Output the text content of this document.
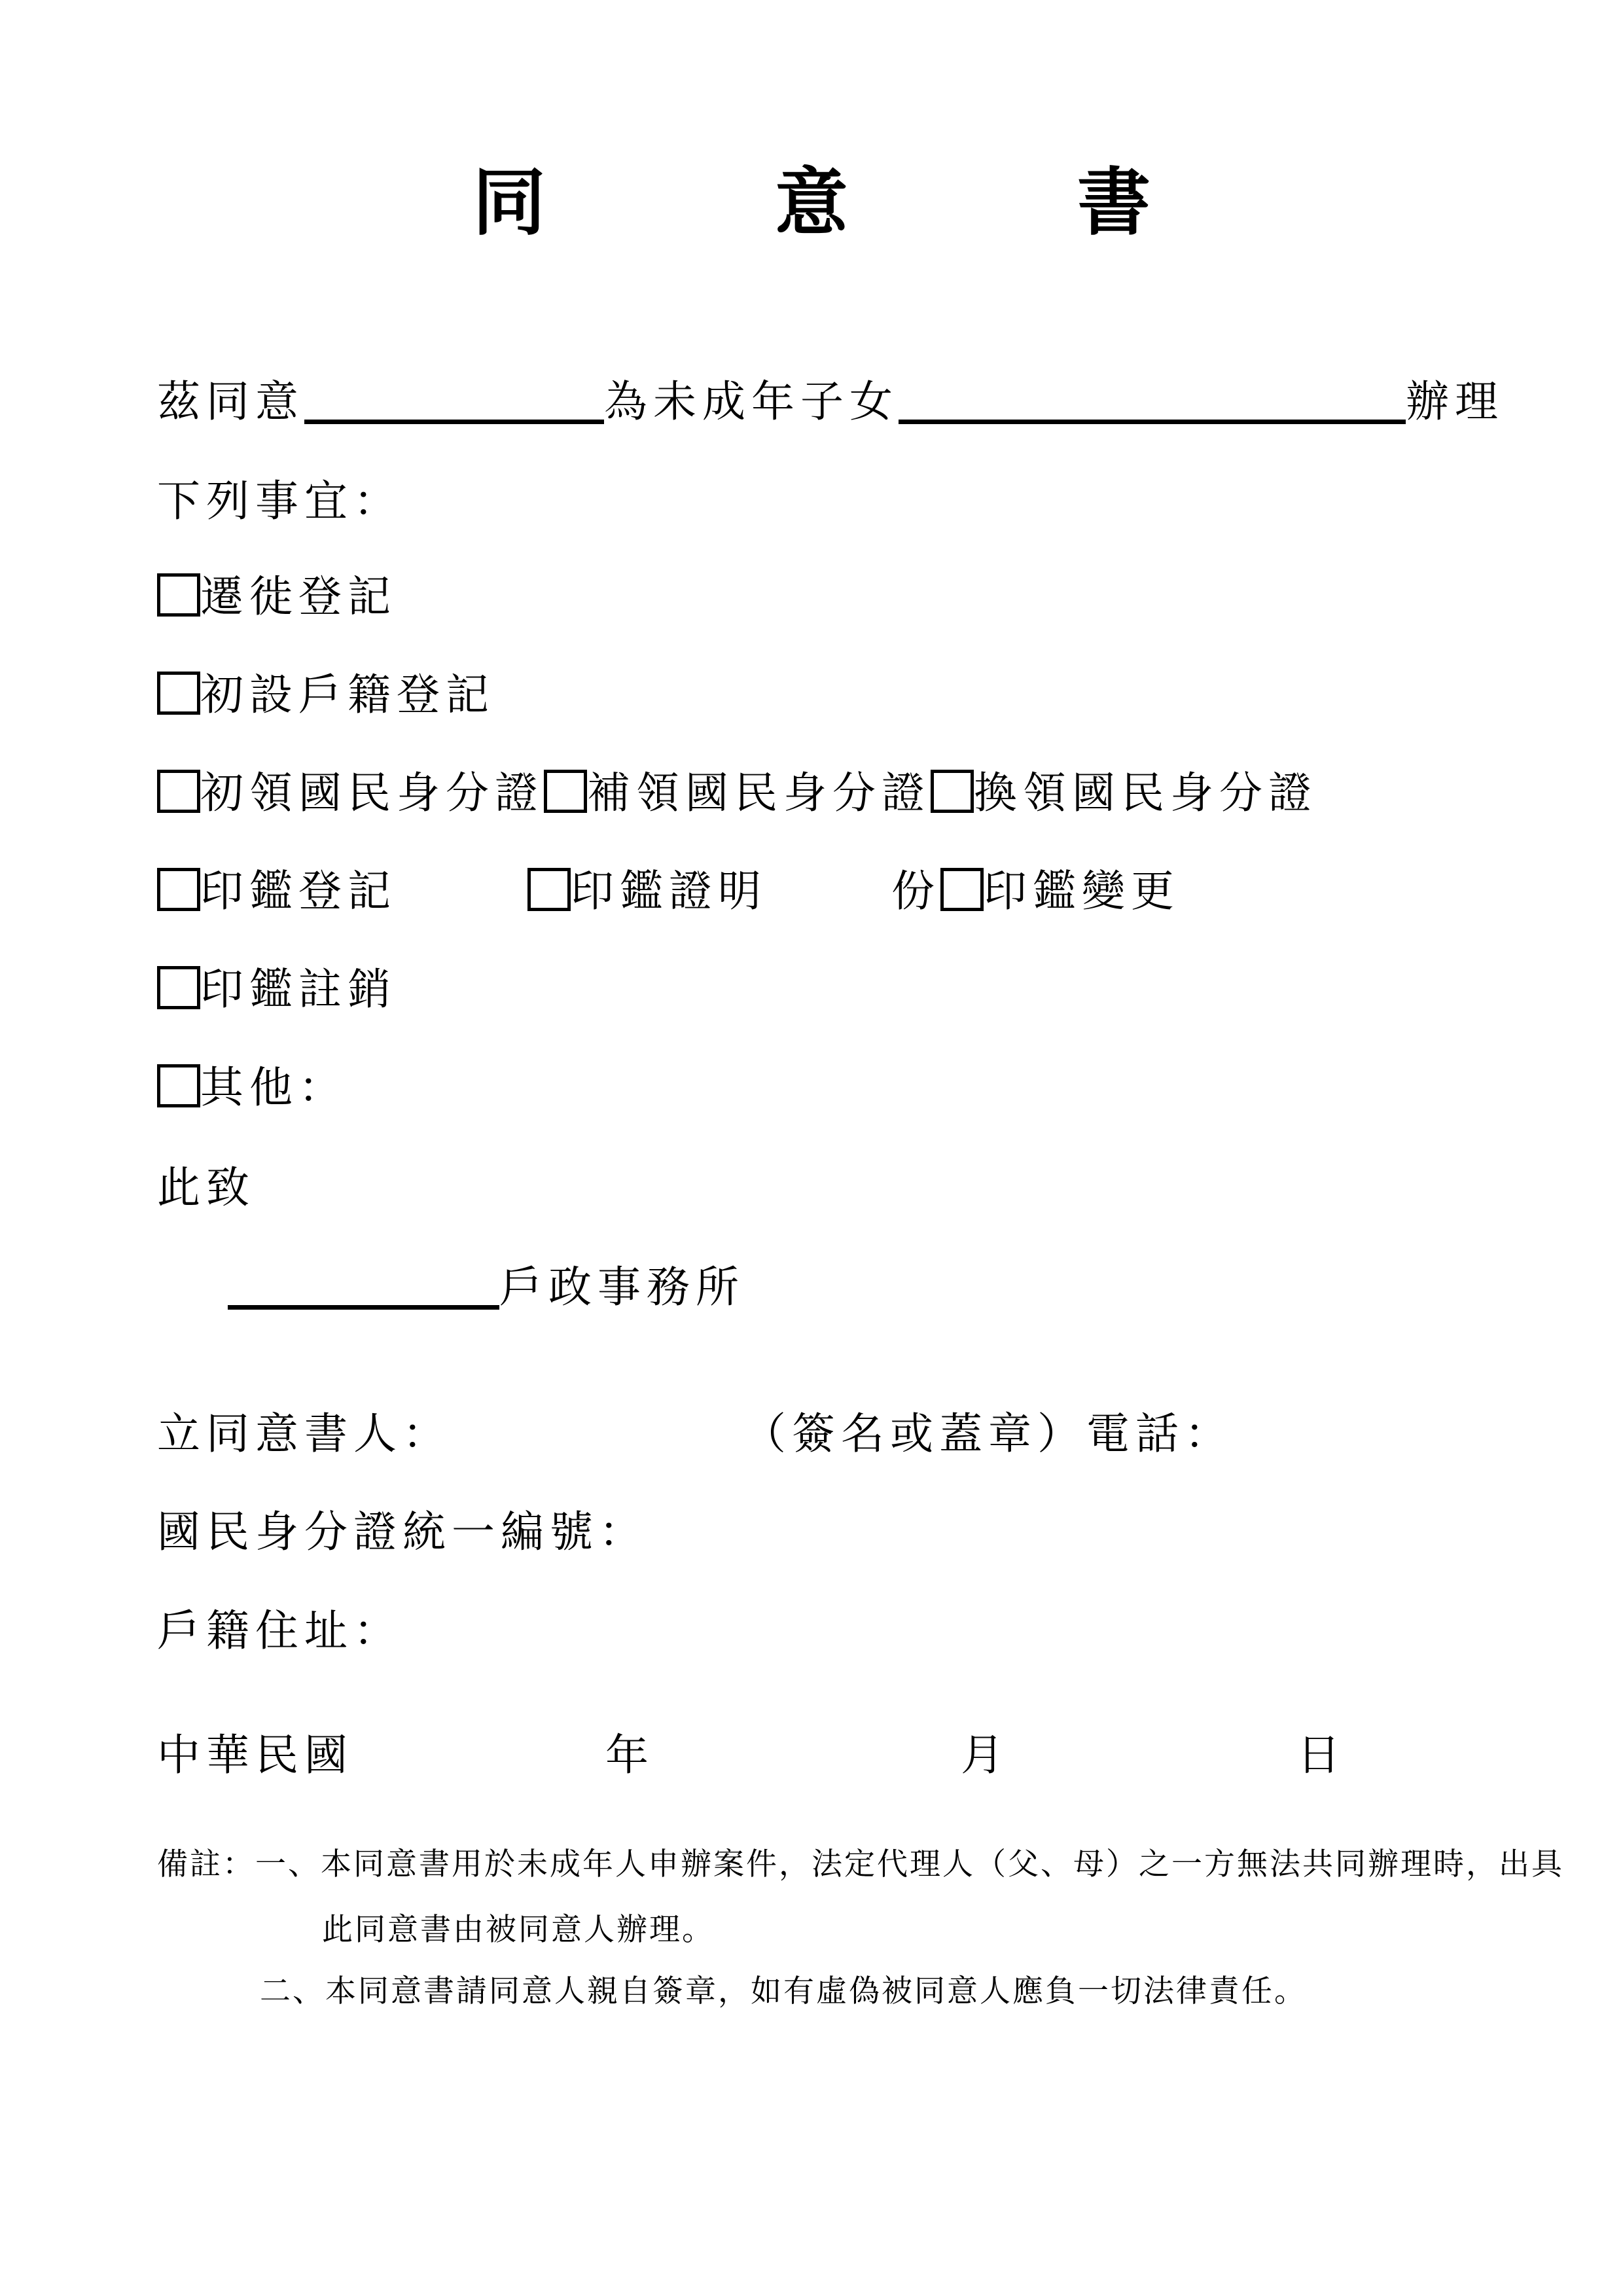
同	意	書
茲同意	為未成年子女	辦理
下列事宜：
遷徙登記
初設戶籍登記
初領國民身分證 補領國民身分證 換領國民身分證
印鑑登記	印鑑證明	份 印鑑變更
印鑑註銷
其他：
此致
戶政事務所
立同意書人：	（簽名或蓋章）電話：
國民身分證統一編號：
戶籍住址：
中華民國	年	月	日
備註：一、本同意書用於未成年人申辦案件，法定代理人（父、母）之一方無法共同辦理時，出具
此同意書由被同意人辦理。
二、本同意書請同意人親自簽章，如有虛偽被同意人應負一切法律責任。
